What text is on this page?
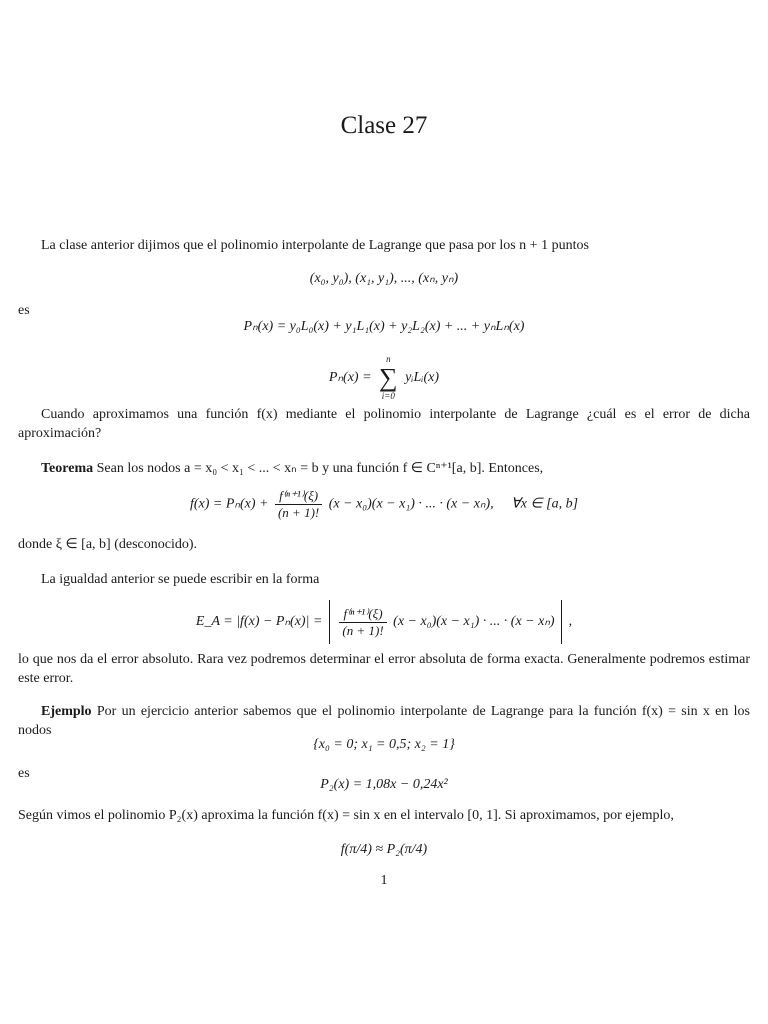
Clase 27
La clase anterior dijimos que el polinomio interpolante de Lagrange que pasa por los n + 1 puntos
(x₀, y₀), (x₁, y₁), ..., (xₙ, yₙ)
es
Pₙ(x) = y₀L₀(x) + y₁L₁(x) + y₂L₂(x) + ... + yₙLₙ(x)
Pₙ(x) =
n
∑
i=0
yᵢLᵢ(x)
Cuando aproximamos una función f(x) mediante el polinomio interpolante de Lagrange ¿cuál es el error de dicha aproximación?
Teorema Sean los nodos a = x₀ < x₁ < ... < xₙ = b y una función f ∈ Cⁿ⁺¹[a, b]. Entonces,
$f(x) = P_n(x) + \frac{\text{f⁽ⁿ⁺¹⁾(ξ)}}{(n + 1)!} (x - x_0)(x - x_1)$ · ... · (x − xₙ),     ∀x ∈ [a, b]
donde ξ ∈ [a, b] (desconocido).
La igualdad anterior se puede escribir en la forma
E_A = $|f(x) - P_n(x)| = \frac{\text{f⁽ⁿ⁺¹⁾(ξ)}}{(n + 1)!} (x - x_0)(x - x_1)$ · ... · (x − xₙ) ,
lo que nos da el error absoluto. Rara vez podremos determinar el error absoluta de forma exacta. Generalmente podremos estimar este error.
Ejemplo Por un ejercicio anterior sabemos que el polinomio interpolante de Lagrange para la función f(x) = sin x en los nodos
{x₀ = 0; x₁ = 0,5; x₂ = 1}
es
P₂(x) = 1,08x − 0,24x²
Según vimos el polinomio P₂(x) aproxima la función f(x) = sin x en el intervalo [0, 1]. Si aproximamos, por ejemplo,
f(π/4) ≈ P₂(π/4)
1
